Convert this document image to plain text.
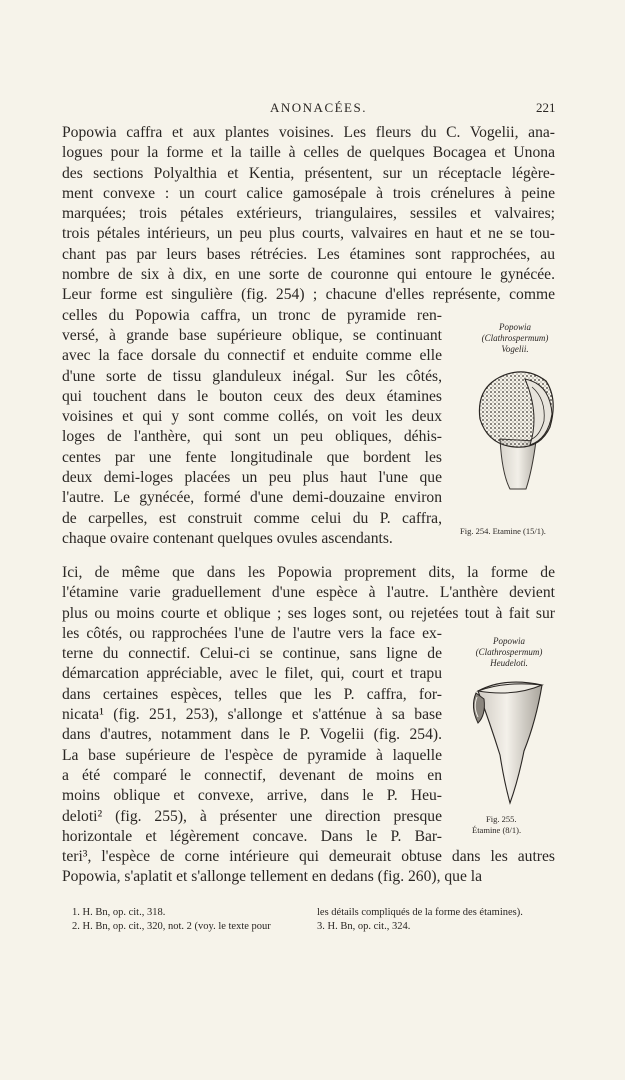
ANONACÉES.	221
Popowia caffra et aux plantes voisines. Les fleurs du C. Vogelii, ana-
logues pour la forme et la taille à celles de quelques Bocagea et Unona
des sections Polyalthia et Kentia, présentent, sur un réceptacle légère-
ment convexe : un court calice gamosépale à trois crénelures à peine
marquées; trois pétales extérieurs, triangulaires, sessiles et valvaires;
trois pétales intérieurs, un peu plus courts, valvaires en haut et ne se tou-
chant pas par leurs bases rétrécies. Les étamines sont rapprochées, au
nombre de six à dix, en une sorte de couronne qui entoure le gynécée.
Leur forme est singulière (fig. 254) ; chacune d'elles représente, comme
celles du Popowia caffra, un tronc de pyramide ren-
versé, à grande base supérieure oblique, se continuant
avec la face dorsale du connectif et enduite comme elle
d'une sorte de tissu glanduleux inégal. Sur les côtés,
qui touchent dans le bouton ceux des deux étamines
voisines et qui y sont comme collés, on voit les deux
loges de l'anthère, qui sont un peu obliques, déhis-
centes par une fente longitudinale que bordent les
deux demi-loges placées un peu plus haut l'une que
l'autre. Le gynécée, formé d'une demi-douzaine environ
de carpelles, est construit comme celui du P. caffra,
chaque ovaire contenant quelques ovules ascendants.
Ici, de même que dans les Popowia proprement dits, la forme de
l'étamine varie graduellement d'une espèce à l'autre. L'anthère devient
plus ou moins courte et oblique ; ses loges sont, ou rejetées tout à fait sur
les côtés, ou rapprochées l'une de l'autre vers la face ex-
terne du connectif. Celui-ci se continue, sans ligne de
démarcation appréciable, avec le filet, qui, court et trapu
dans certaines espèces, telles que les P. caffra, for-
nicata¹ (fig. 251, 253), s'allonge et s'atténue à sa base
dans d'autres, notamment dans le P. Vogelii (fig. 254).
La base supérieure de l'espèce de pyramide à laquelle
a été comparé le connectif, devenant de moins en
moins oblique et convexe, arrive, dans le P. Heu-
deloti² (fig. 255), à présenter une direction presque
horizontale et légèrement concave. Dans le P. Bar-
teri³, l'espèce de corne intérieure qui demeurait obtuse dans les autres
Popowia, s'aplatit et s'allonge tellement en dedans (fig. 260), que la
Popowia
(Clathrospermum)
Vogelii.
Fig. 254. Etamine (15/1).
Popowia
(Clathrospermum)
Heudeloti.
Fig. 255.
Étamine (8/1).
1. H. Bn, op. cit., 318.
2. H. Bn, op. cit., 320, not. 2 (voy. le texte pour
les détails compliqués de la forme des étamines).
3. H. Bn, op. cit., 324.
